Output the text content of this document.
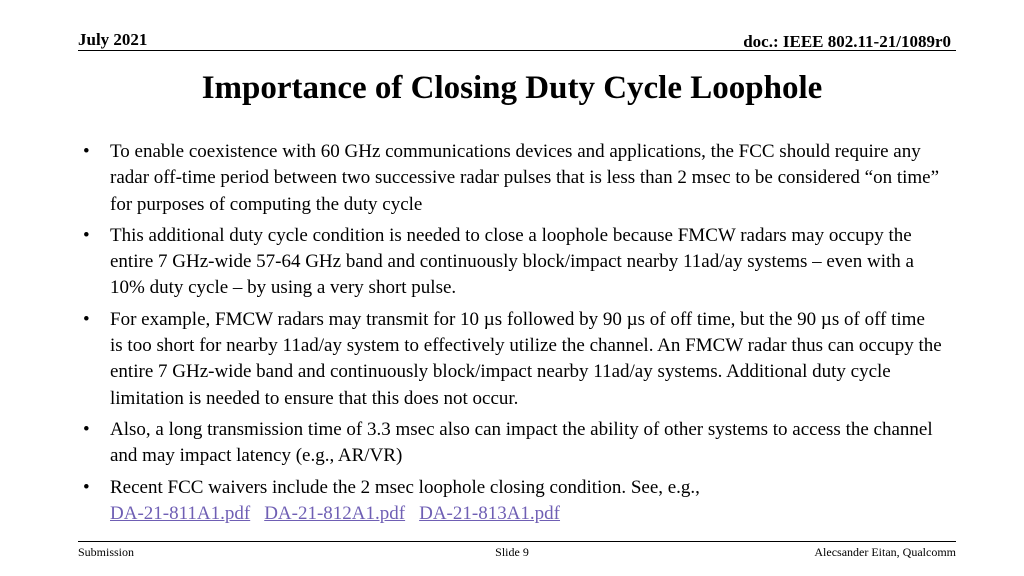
July 2021	doc.: IEEE 802.11-21/1089r0
Importance of Closing Duty Cycle Loophole
• To enable coexistence with 60 GHz communications devices and applications, the FCC should require any radar off-time period between two successive radar pulses that is less than 2 msec to be considered “on time” for purposes of computing the duty cycle
• This additional duty cycle condition is needed to close a loophole because FMCW radars may occupy the entire 7 GHz-wide 57-64 GHz band and continuously block/impact nearby 11ad/ay systems – even with a 10% duty cycle – by using a very short pulse.
• For example, FMCW radars may transmit for 10 µs followed by 90 µs of off time, but the 90 µs of off time is too short for nearby 11ad/ay system to effectively utilize the channel. An FMCW radar thus can occupy the entire 7 GHz-wide band and continuously block/impact nearby 11ad/ay systems. Additional duty cycle limitation is needed to ensure that this does not occur.
• Also, a long transmission time of 3.3 msec also can impact the ability of other systems to access the channel and may impact latency (e.g., AR/VR)
• Recent FCC waivers include the 2 msec loophole closing condition. See, e.g.,
DA-21-811A1.pdf DA-21-812A1.pdf DA-21-813A1.pdf
Submission	Slide 9	Alecsander Eitan, Qualcomm
